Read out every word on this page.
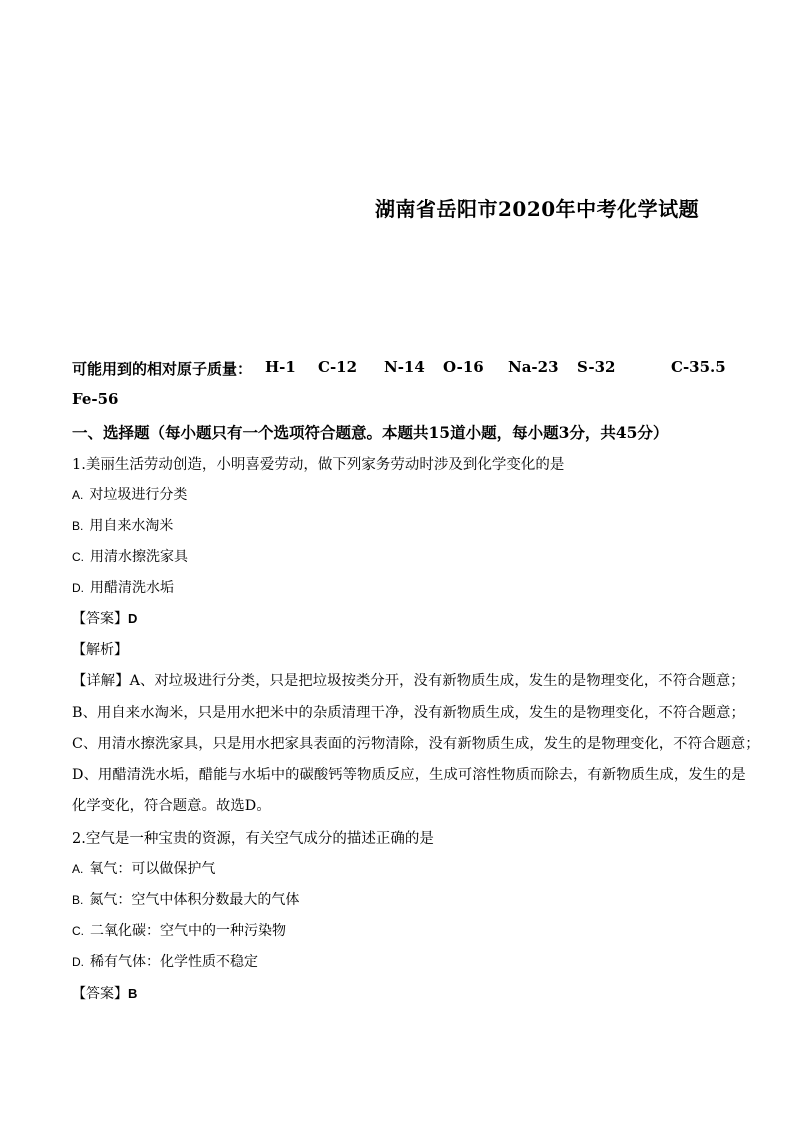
湖南省岳阳市2020年中考化学试题
可能用到的相对原子质量： H-1 C-12 N-14 O-16 Na-23 S-32	C-35.5
Fe-56
一、选择题（每小题只有一个选项符合题意。本题共15道小题，每小题3分，共45分）
1.美丽生活劳动创造，小明喜爱劳动，做下列家务劳动时涉及到化学变化的是
A. 对垃圾进行分类
B. 用自来水淘米
C. 用清水擦洗家具
D. 用醋清洗水垢
【答案】D
【解析】
【详解】A、对垃圾进行分类，只是把垃圾按类分开，没有新物质生成，发生的是物理变化，不符合题意；
B、用自来水淘米，只是用水把米中的杂质清理干净，没有新物质生成，发生的是物理变化，不符合题意；
C、用清水擦洗家具，只是用水把家具表面的污物清除，没有新物质生成，发生的是物理变化，不符合题意；
D、用醋清洗水垢，醋能与水垢中的碳酸钙等物质反应，生成可溶性物质而除去，有新物质生成，发生的是
化学变化，符合题意。故选D。
2.空气是一种宝贵的资源，有关空气成分的描述正确的是
A. 氧气：可以做保护气
B. 氮气：空气中体积分数最大的气体
C. 二氧化碳：空气中的一种污染物
D. 稀有气体：化学性质不稳定
【答案】B
